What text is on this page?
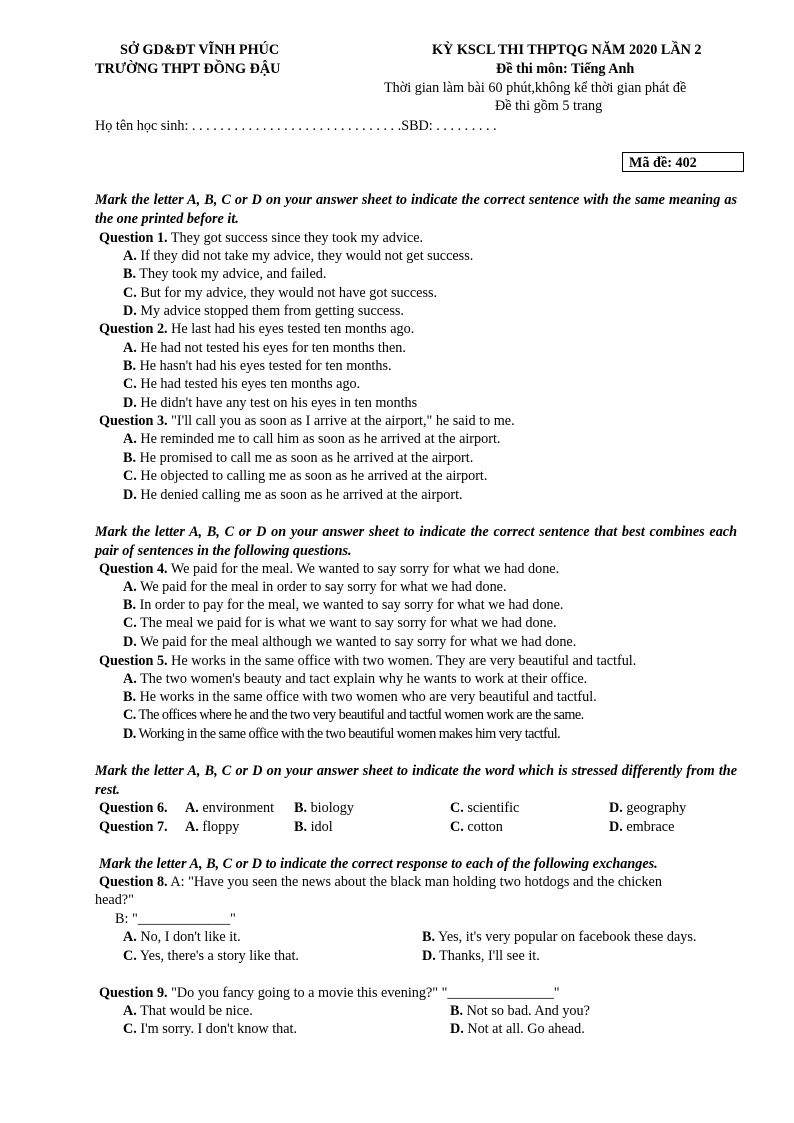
SỞ GD&ĐT VĨNH PHÚC
TRƯỜNG THPT ĐỒNG ĐẬU
KỲ KSCL THI THPTQG NĂM 2020 LẦN 2
Đề thi môn: Tiếng Anh
Thời gian làm bài 60 phút,không kể thời gian phát đề
Đề thi gồm 5 trang
Họ tên học sinh: . . . . . . . . . . . . . . . . . . . . . . . . . . . . . .SBD: . . . . . . . . .
Mã đề: 402
Mark the letter A, B, C or D on your answer sheet to indicate the correct sentence with the same meaning as the one printed before it.
Question 1. They got success since they took my advice.
A. If they did not take my advice, they would not get success.
B. They took my advice, and failed.
C. But for my advice, they would not have got success.
D. My advice stopped them from getting success.
Question 2. He last had his eyes tested ten months ago.
A. He had not tested his eyes for ten months then.
B. He hasn't had his eyes tested for ten months.
C. He had tested his eyes ten months ago.
D. He didn't have any test on his eyes in ten months
Question 3. "I'll call you as soon as I arrive at the airport," he said to me.
A. He reminded me to call him as soon as he arrived at the airport.
B. He promised to call me as soon as he arrived at the airport.
C. He objected to calling me as soon as he arrived at the airport.
D. He denied calling me as soon as he arrived at the airport.
Mark the letter A, B, C or D on your answer sheet to indicate the correct sentence that best combines each pair of sentences in the following questions.
Question 4. We paid for the meal. We wanted to say sorry for what we had done.
A. We paid for the meal in order to say sorry for what we had done.
B. In order to pay for the meal, we wanted to say sorry for what we had done.
C. The meal we paid for is what we want to say sorry for what we had done.
D. We paid for the meal although we wanted to say sorry for what we had done.
Question 5. He works in the same office with two women. They are very beautiful and tactful.
A. The two women's beauty and tact explain why he wants to work at their office.
B. He works in the same office with two women who are very beautiful and tactful.
C. The offices where he and the two very beautiful and tactful women work are the same.
D. Working in the same office with the two beautiful women makes him very tactful.
Mark the letter A, B, C or D on your answer sheet to indicate the word which is stressed differently from the rest.
Question 6. A. environment B. biology	C. scientific	D. geography
Question 7. A. floppy	B. idol	C. cotton	D. embrace
Mark the letter A, B, C or D to indicate the correct response to each of the following exchanges.
Question 8. A: "Have you seen the news about the black man holding two hotdogs and the chicken
head?"
B: "_____________"
A. No, I don't like it.	B. Yes, it's very popular on facebook these days.
C. Yes, there's a story like that.	D. Thanks, I'll see it.
Question 9. "Do you fancy going to a movie this evening?" "_______________"
A. That would be nice.	B. Not so bad. And you?
C. I'm sorry. I don't know that.	D. Not at all. Go ahead.
